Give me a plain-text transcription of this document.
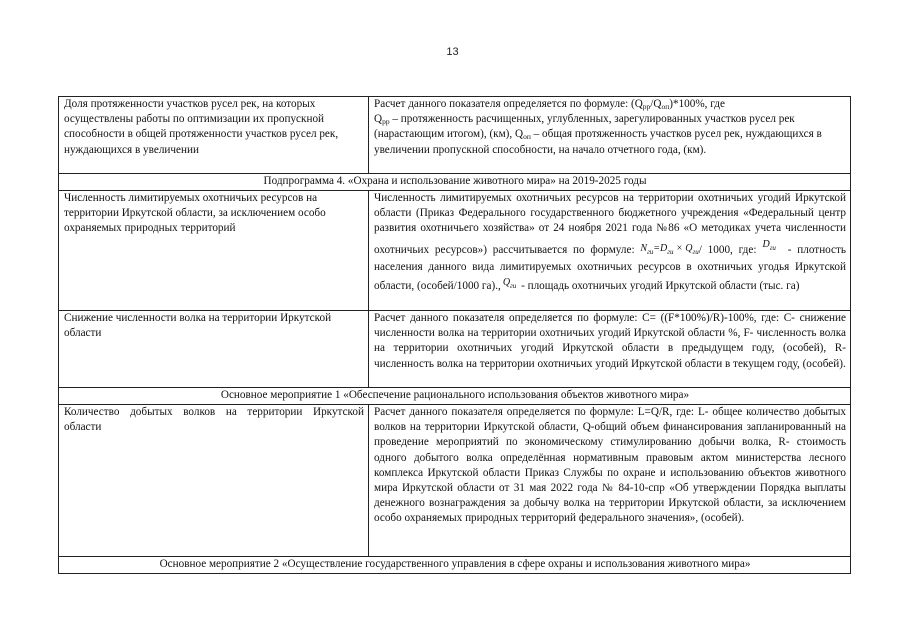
13
Доля протяженности участков русел рек, на которых осуществлены работы по оптимизации их пропускной способности в общей протяженности участков русел рек, нуждающихся в увеличении	Расчет данного показателя определяется по формуле: $(Q_{рр}/Q_{оп})*100\%$, где
$Q_{рр}$ – протяженность расчищенных, углубленных, зарегулированных участков русел рек (нарастающим итогом), (км), $Q_{оп}$ – общая протяженность участков русел рек, нуждающихся в увеличении пропускной способности, на начало отчетного года, (км).
Подпрограмма 4. «Охрана и использование животного мира» на 2019-2025 годы	
Численность лимитируемых охотничьих ресурсов на территории Иркутской области, за исключением особо охраняемых природных территорий	Численность лимитируемых охотничьих ресурсов на территории охотничьих угодий Иркутской области (Приказ Федерального государственного бюджетного учреждения «Федеральный центр развития охотничьего хозяйства» от 24 ноября 2021 года №86 «О методиках учета численности охотничьих ресурсов») рассчитывается по формуле: $N_{ги}=D_{ги} \times Q_{ги}/$ 1000, где: $D_{ги}$ - плотность населения данного вида лимитируемых охотничьих ресурсов в охотничьих угодья Иркутской области, (особей/1000 га)., $Q_{ги}$ - площадь охотничьих угодий Иркутской области (тыс. га)
Снижение численности волка на территории Иркутской области	Расчет данного показателя определяется по формуле: С= ((F*100%)/R)-100%, где: С- снижение численности волка на территории охотничьих угодий Иркутской области %, F- численность волка на территории охотничьих угодий Иркутской области в предыдущем году, (особей), R- численность волка на территории охотничьих угодий Иркутской области в текущем году, (особей).
Основное мероприятие 1 «Обеспечение рационального использования объектов животного мира»	
Количество добытых волков на территории Иркутской области	Расчет данного показателя определяется по формуле: L=Q/R, где: L- общее количество добытых волков на территории Иркутской области, Q-общий объем финансирования запланированный на проведение мероприятий по экономическому стимулированию добычи волка, R- стоимость одного добытого волка определённая нормативным правовым актом министерства лесного комплекса Иркутской области Приказ Службы по охране и использованию объектов животного мира Иркутской области от 31 мая 2022 года № 84-10-спр «Об утверждении Порядка выплаты денежного вознаграждения за добычу волка на территории Иркутской области, за исключением особо охраняемых природных территорий федерального значения», (особей).
Основное мероприятие 2 «Осуществление государственного управления в сфере охраны и использования животного мира»	
